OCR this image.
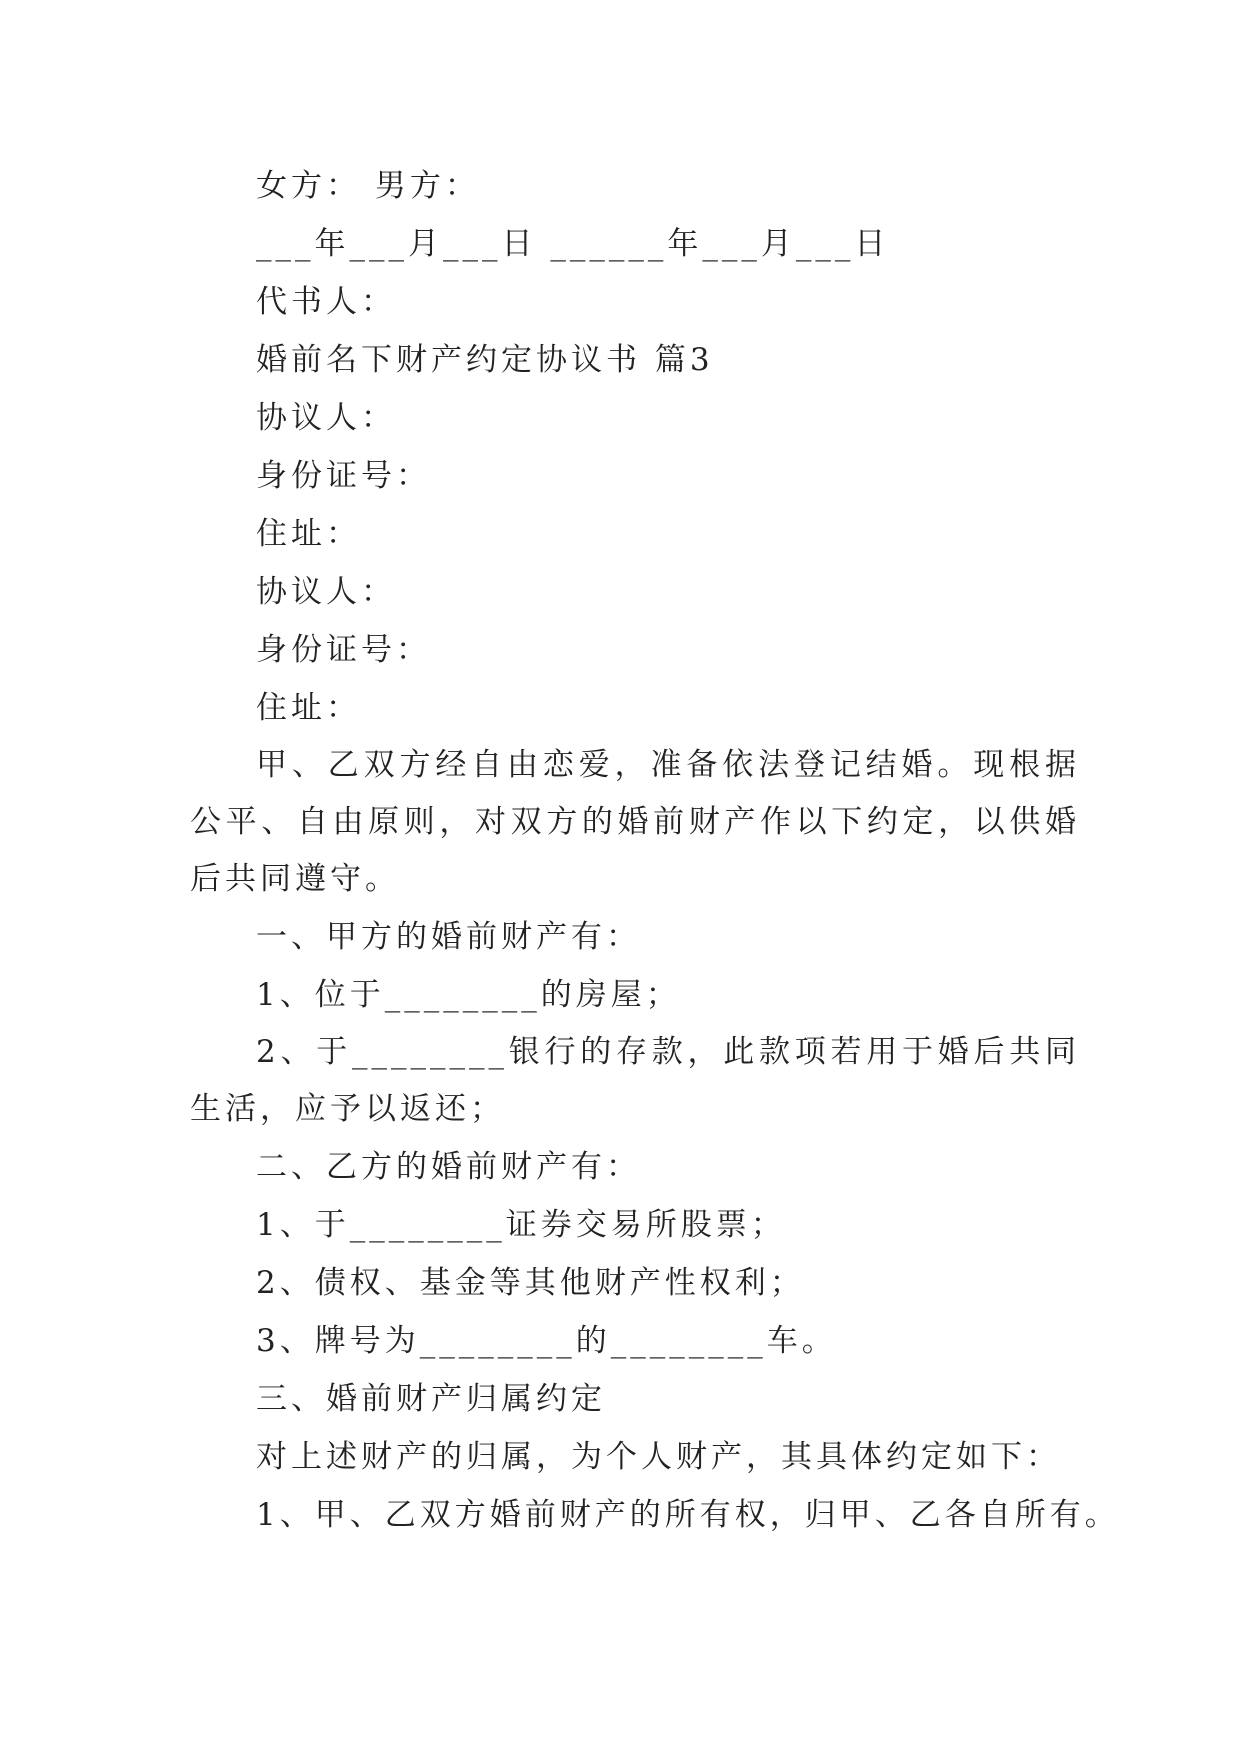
女方： 男方：
___年___月___日 ______年___月___日
代书人：
婚前名下财产约定协议书 篇3
协议人：
身份证号：
住址：
协议人：
身份证号：
住址：

甲、乙双方经自由恋爱，准备依法登记结婚。现根据公平、自由原则，对双方的婚前财产作以下约定，以供婚后共同遵守。

一、甲方的婚前财产有：
1、位于________的房屋；

2、于________银行的存款，此款项若用于婚后共同生活，应予以返还；

二、乙方的婚前财产有：
1、于________证券交易所股票；
2、债权、基金等其他财产性权利；
3、牌号为________的________车。
三、婚前财产归属约定
对上述财产的归属，为个人财产，其具体约定如下：
1、甲、乙双方婚前财产的所有权，归甲、乙各自所有。
